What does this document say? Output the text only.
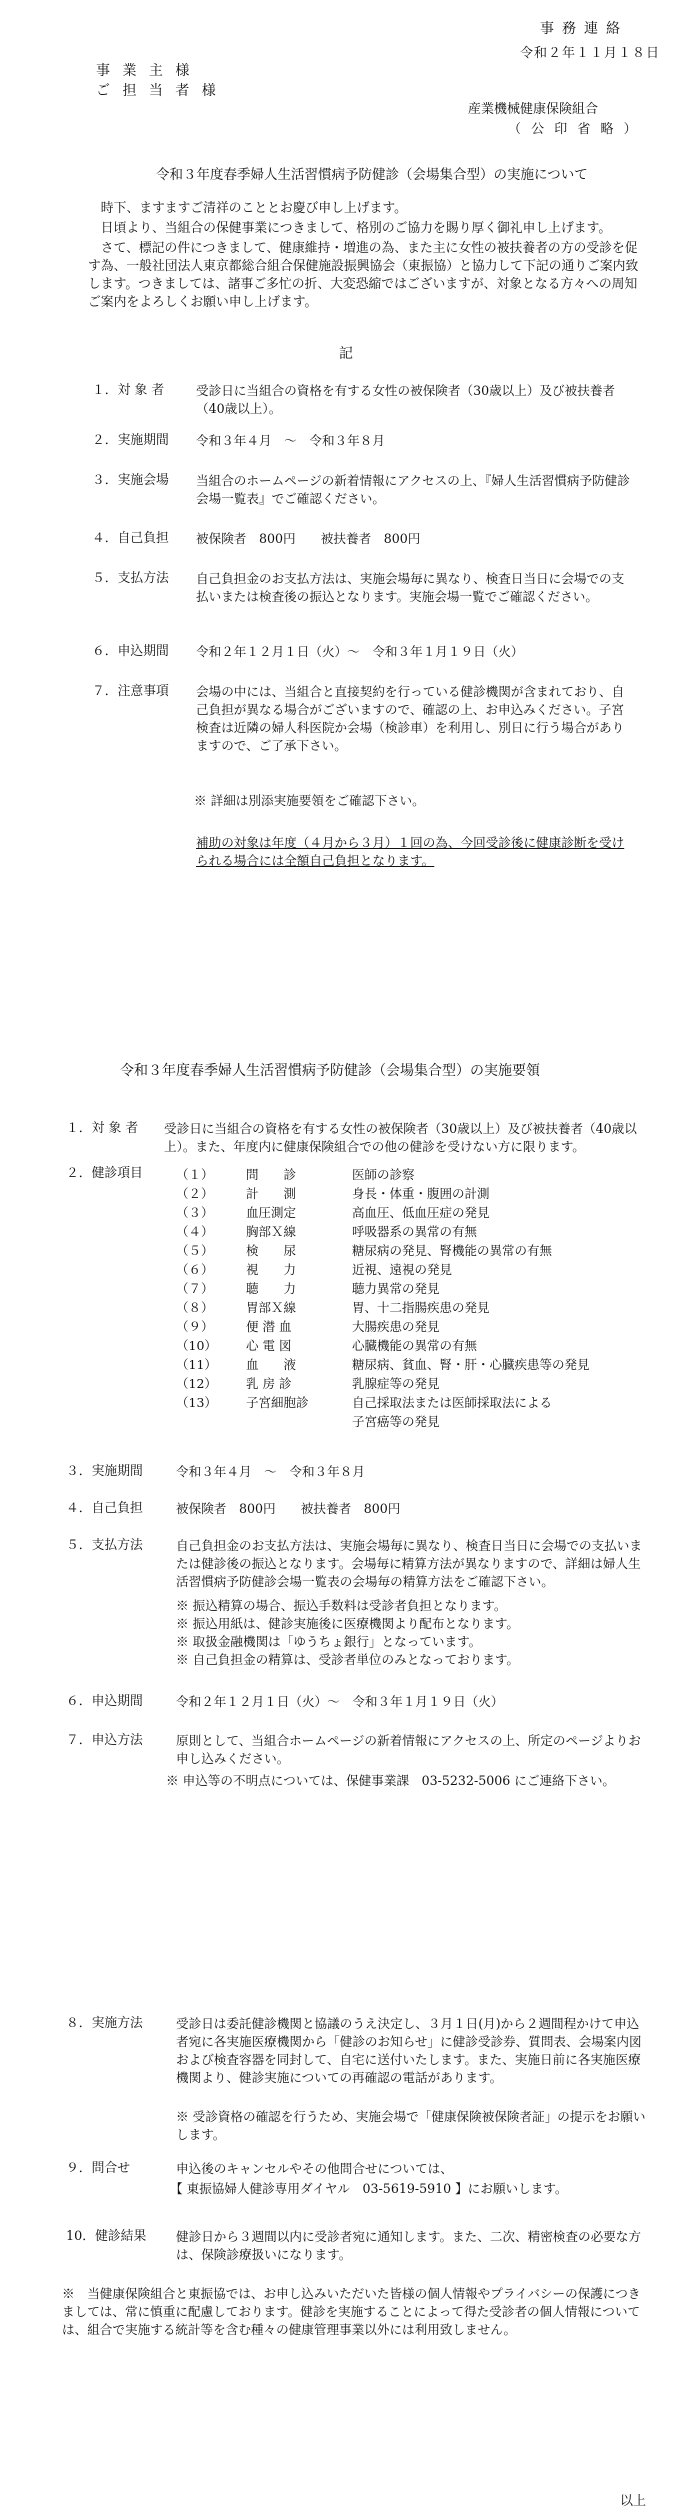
事務連絡
令和２年１１月１８日
事 業 主 様
ご 担 当 者 様
産業機械健康保険組合
（ 公 印 省 略 ）
令和３年度春季婦人生活習慣病予防健診（会場集合型）の実施について
時下、ますますご清祥のこととお慶び申し上げます。
日頃より、当組合の保健事業につきまして、格別のご協力を賜り厚く御礼申し上げます。
さて、標記の件につきまして、健康維持・増進の為、また主に女性の被扶養者の方の受診を促す為、一般社団法人東京都総合組合保健施設振興協会（東振協）と協力して下記の通りご案内致します。つきましては、諸事ご多忙の折、大変恐縮ではございますが、対象となる方々への周知ご案内をよろしくお願い申し上げます。
記
１．対 象 者	受診日に当組合の資格を有する女性の被保険者（30歳以上）及び被扶養者（40歳以上）。
２．実施期間 令和３年４月　～　令和３年８月
３．実施会場 当組合のホームページの新着情報にアクセスの上、『婦人生活習慣病予防健診会場一覧表』でご確認ください。
４．自己負担 被保険者　800円　　被扶養者　800円
５．支払方法 自己負担金のお支払方法は、実施会場毎に異なり、検査日当日に会場での支払いまたは検査後の振込となります。実施会場一覧でご確認ください。
６．申込期間 令和２年１２月１日（火）～　令和３年１月１９日（火）
７．注意事項 会場の中には、当組合と直接契約を行っている健診機関が含まれており、自己負担が異なる場合がございますので、確認の上、お申込みください。子宮検査は近隣の婦人科医院か会場（検診車）を利用し、別日に行う場合がありますので、ご了承下さい。
※ 詳細は別添実施要領をご確認下さい。
補助の対象は年度（４月から３月）１回の為、今回受診後に健康診断を受けられる場合には全額自己負担となります。
令和３年度春季婦人生活習慣病予防健診（会場集合型）の実施要領
１．対 象 者 受診日に当組合の資格を有する女性の被保険者（30歳以上）及び被扶養者（40歳以上）。また、年度内に健康保険組合での他の健診を受けない方に限ります。
２．健診項目	（１）	問　　診	医師の診察
（２）	計　　測	身長・体重・腹囲の計測
（３）	血圧測定	高血圧、低血圧症の発見
（４）	胸部Ｘ線	呼吸器系の異常の有無
（５）	検　　尿	糖尿病の発見、腎機能の異常の有無
（６）	視　　力	近視、遠視の発見
（７）	聴　　力	聴力異常の発見
（８）	胃部Ｘ線	胃、十二指腸疾患の発見
（９）	便 潜 血	大腸疾患の発見
（10） 心 電 図	心臓機能の異常の有無
（11） 血　　液	糖尿病、貧血、腎・肝・心臓疾患等の発見
（12） 乳 房 診	乳腺症等の発見
（13） 子宮細胞診	自己採取法または医師採取法による
子宮癌等の発見
３．実施期間	令和３年４月　～　令和３年８月
４．自己負担	被保険者　800円　　被扶養者　800円
５．支払方法	自己負担金のお支払方法は、実施会場毎に異なり、検査日当日に会場での支払いまたは健診後の振込となります。会場毎に精算方法が異なりますので、詳細は婦人生活習慣病予防健診会場一覧表の会場毎の精算方法をご確認下さい。
※ 振込精算の場合、振込手数料は受診者負担となります。
※ 振込用紙は、健診実施後に医療機関より配布となります。
※ 取扱金融機関は「ゆうちょ銀行」となっています。
※ 自己負担金の精算は、受診者単位のみとなっております。
６．申込期間	令和２年１２月１日（火）～　令和３年１月１９日（火）
７．申込方法	原則として、当組合ホームページの新着情報にアクセスの上、所定のページよりお申し込みください。
※ 申込等の不明点については、保健事業課　03-5232-5006 にご連絡下さい。
８．実施方法	受診日は委託健診機関と協議のうえ決定し、３月１日(月)から２週間程かけて申込者宛に各実施医療機関から「健診のお知らせ」に健診受診券、質問表、会場案内図および検査容器を同封して、自宅に送付いたします。また、実施日前に各実施医療機関より、健診実施についての再確認の電話があります。
※ 受診資格の確認を行うため、実施会場で「健康保険被保険者証」の提示をお願いします。
９．問合せ	申込後のキャンセルやその他問合せについては、
【 東振協婦人健診専用ダイヤル　03-5619-5910 】にお願いします。
10．健診結果 健診日から３週間以内に受診者宛に通知します。また、二次、精密検査の必要な方は、保険診療扱いになります。
※　当健康保険組合と東振協では、お申し込みいただいた皆様の個人情報やプライバシーの保護につきましては、常に慎重に配慮しております。健診を実施することによって得た受診者の個人情報については、組合で実施する統計等を含む種々の健康管理事業以外には利用致しません。
以上
